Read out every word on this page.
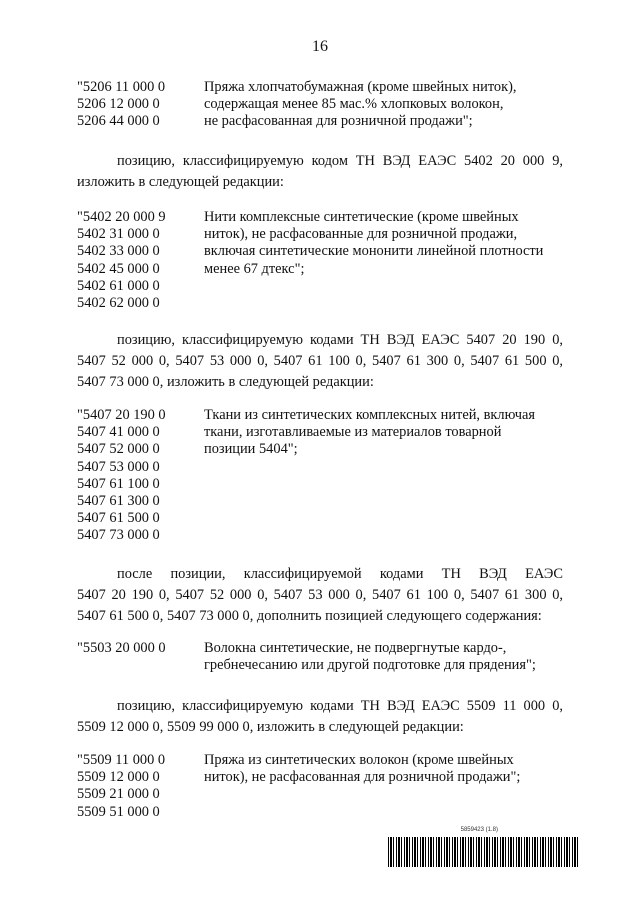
16
"5206 11 000 0
5206 12 000 0
5206 44 000 0
Пряжа хлопчатобумажная (кроме швейных ниток),
содержащая менее 85 мас.% хлопковых волокон,
не расфасованная для розничной продажи";
позицию, классифицируемую кодом ТН ВЭД ЕАЭС 5402 20 000 9,
изложить в следующей редакции:
"5402 20 000 9
5402 31 000 0
5402 33 000 0
5402 45 000 0
5402 61 000 0
5402 62 000 0
Нити комплексные синтетические (кроме швейных
ниток), не расфасованные для розничной продажи,
включая синтетические мононити линейной плотности
менее 67 дтекс";
позицию, классифицируемую кодами ТН ВЭД ЕАЭС 5407 20 190 0,
5407 52 000 0, 5407 53 000 0, 5407 61 100 0, 5407 61 300 0, 5407 61 500 0,
5407 73 000 0, изложить в следующей редакции:
"5407 20 190 0
5407 41 000 0
5407 52 000 0
5407 53 000 0
5407 61 100 0
5407 61 300 0
5407 61 500 0
5407 73 000 0
Ткани из синтетических комплексных нитей, включая
ткани, изготавливаемые из материалов товарной
позиции 5404";
после позиции, классифицируемой кодами ТН ВЭД ЕАЭС
5407 20 190 0, 5407 52 000 0, 5407 53 000 0, 5407 61 100 0, 5407 61 300 0,
5407 61 500 0, 5407 73 000 0, дополнить позицией следующего содержания:
"5503 20 000 0	Волокна синтетические, не подвергнутые кардо-,
гребнечесанию или другой подготовке для прядения";
позицию, классифицируемую кодами ТН ВЭД ЕАЭС 5509 11 000 0,
5509 12 000 0, 5509 99 000 0, изложить в следующей редакции:
"5509 11 000 0
5509 12 000 0
5509 21 000 0
5509 51 000 0
Пряжа из синтетических волокон (кроме швейных
ниток), не расфасованная для розничной продажи";
5859423 (1.8)
